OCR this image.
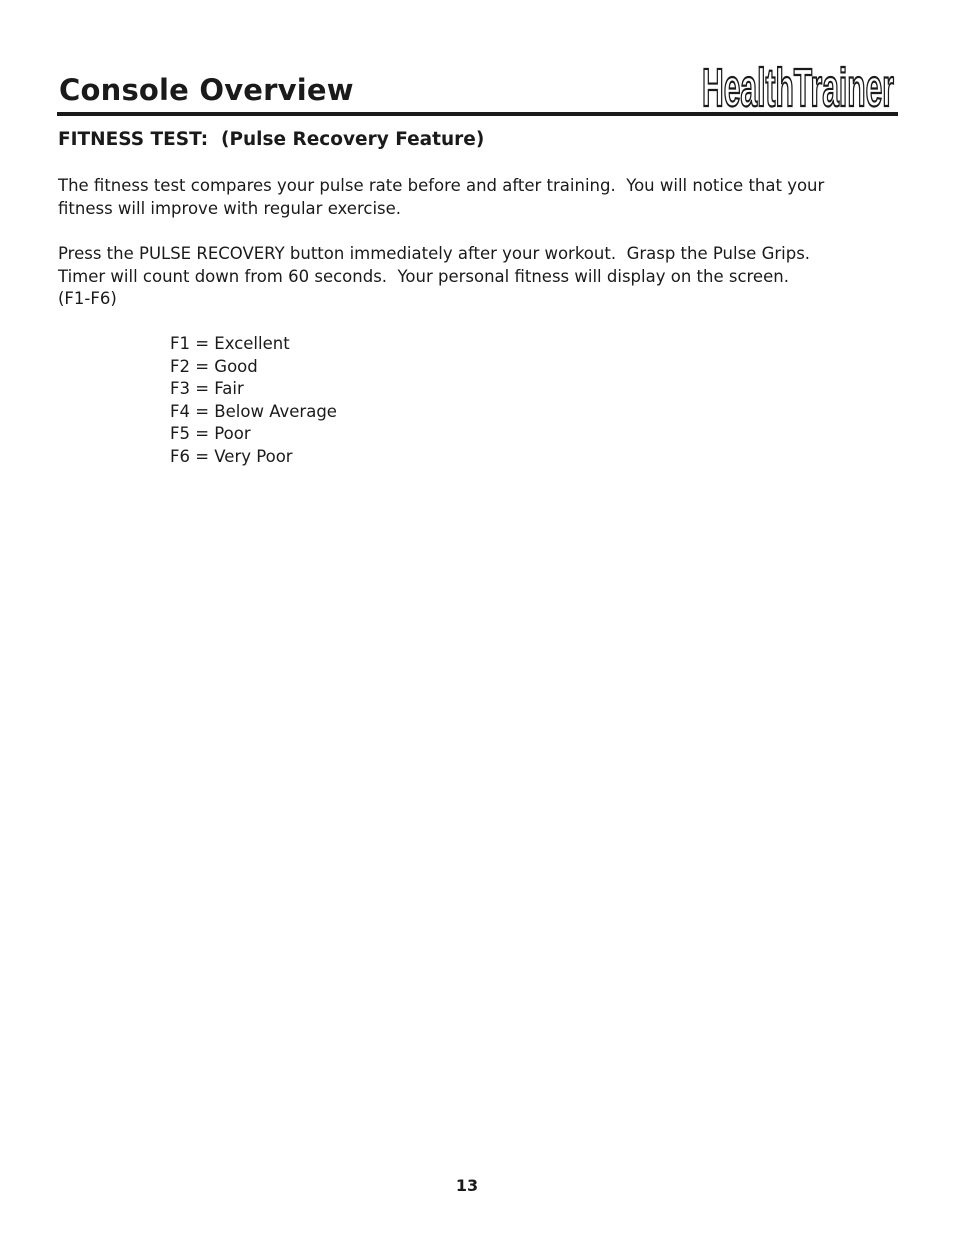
Console Overview	HealthTrainer
FITNESS TEST:  (Pulse Recovery Feature)

The fitness test compares your pulse rate before and after training.  You will notice that your
fitness will improve with regular exercise.

Press the PULSE RECOVERY button immediately after your workout.  Grasp the Pulse Grips.
Timer will count down from 60 seconds.  Your personal fitness will display on the screen.
(F1-F6)

F1 = Excellent
F2 = Good
F3 = Fair
F4 = Below Average
F5 = Poor
F6 = Very Poor
13
